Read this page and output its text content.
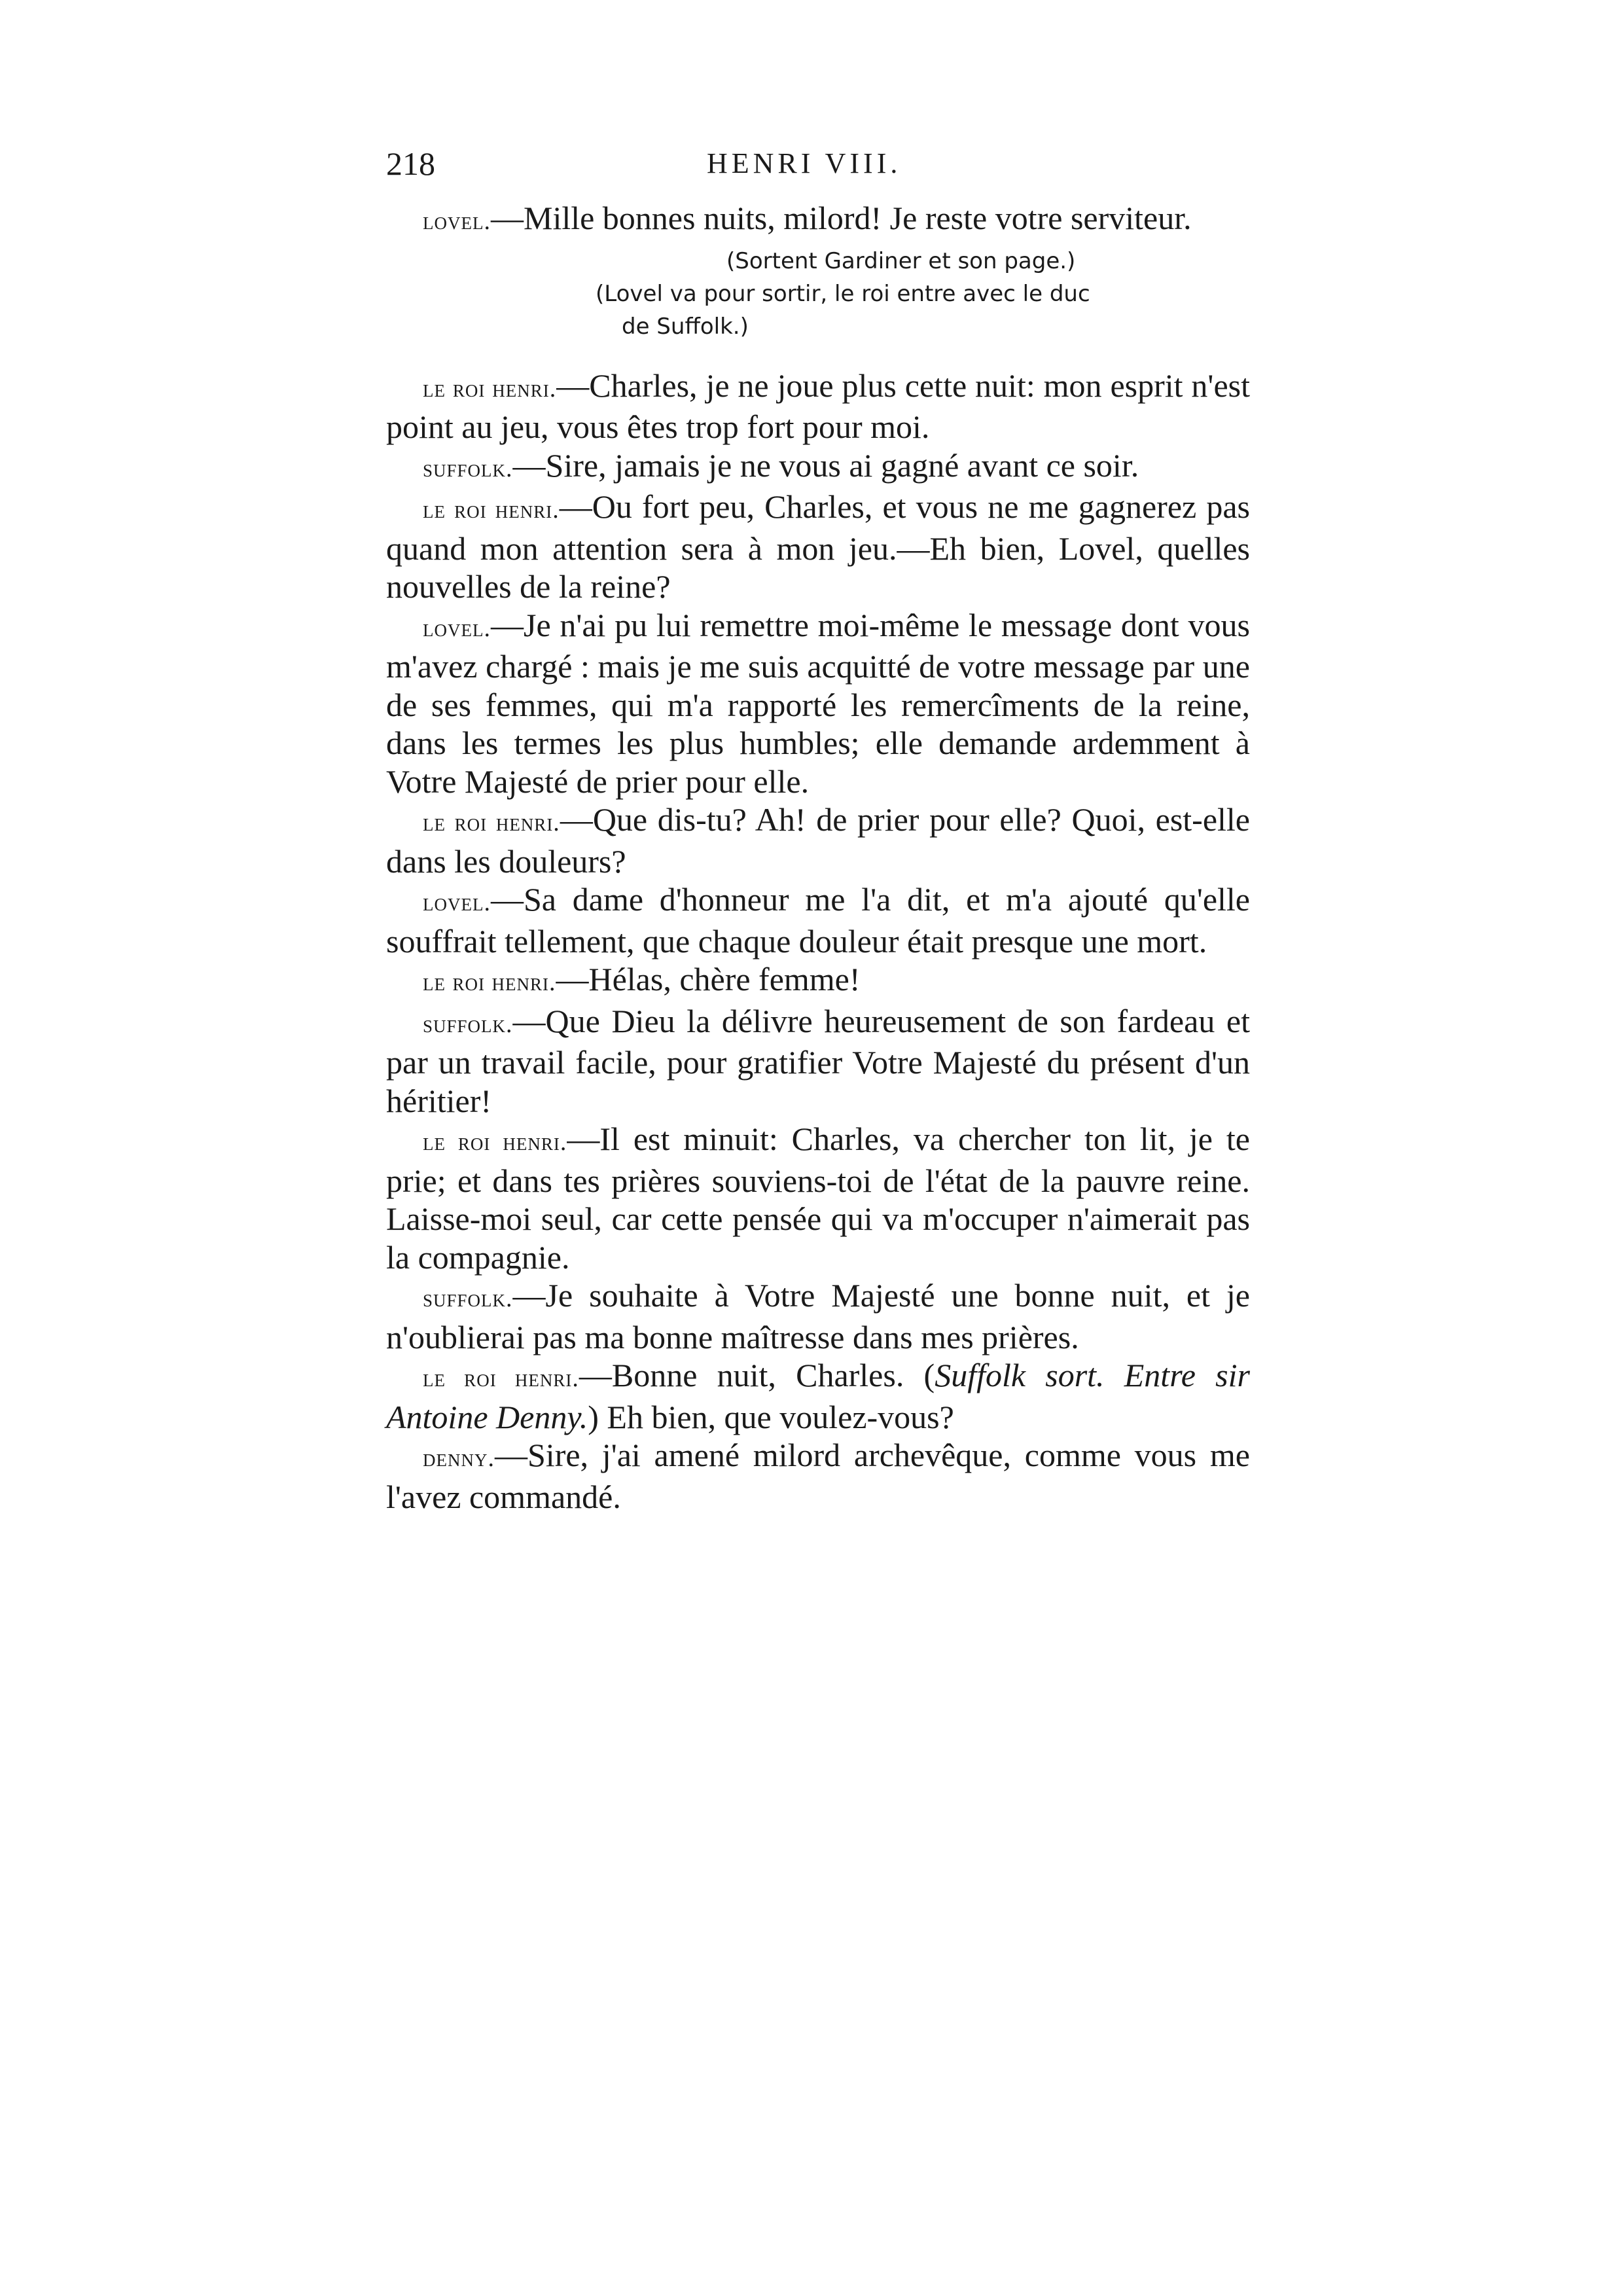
218	HENRI VIII.

lovel.—Mille bonnes nuits, milord! Je reste votre serviteur.

(Sortent Gardiner et son page.)

(Lovel va pour sortir, le roi entre avec le duc
de Suffolk.)

le roi henri.—Charles, je ne joue plus cette nuit: mon esprit n'est point au jeu, vous êtes trop fort pour moi.

suffolk.—Sire, jamais je ne vous ai gagné avant ce soir.

le roi henri.—Ou fort peu, Charles, et vous ne me gagnerez pas quand mon attention sera à mon jeu.—Eh bien, Lovel, quelles nouvelles de la reine?

lovel.—Je n'ai pu lui remettre moi-même le message dont vous m'avez chargé : mais je me suis acquitté de votre message par une de ses femmes, qui m'a rapporté les remercîments de la reine, dans les termes les plus humbles; elle demande ardemment à Votre Majesté de prier pour elle.

le roi henri.—Que dis-tu? Ah! de prier pour elle? Quoi, est-elle dans les douleurs?

lovel.—Sa dame d'honneur me l'a dit, et m'a ajouté qu'elle souffrait tellement, que chaque douleur était presque une mort.

le roi henri.—Hélas, chère femme!

suffolk.—Que Dieu la délivre heureusement de son fardeau et par un travail facile, pour gratifier Votre Majesté du présent d'un héritier!

le roi henri.—Il est minuit: Charles, va chercher ton lit, je te prie; et dans tes prières souviens-toi de l'état de la pauvre reine. Laisse-moi seul, car cette pensée qui va m'occuper n'aimerait pas la compagnie.

suffolk.—Je souhaite à Votre Majesté une bonne nuit, et je n'oublierai pas ma bonne maîtresse dans mes prières.

le roi henri.—Bonne nuit, Charles. (Suffolk sort. Entre sir Antoine Denny.) Eh bien, que voulez-vous?

denny.—Sire, j'ai amené milord archevêque, comme vous me l'avez commandé.
